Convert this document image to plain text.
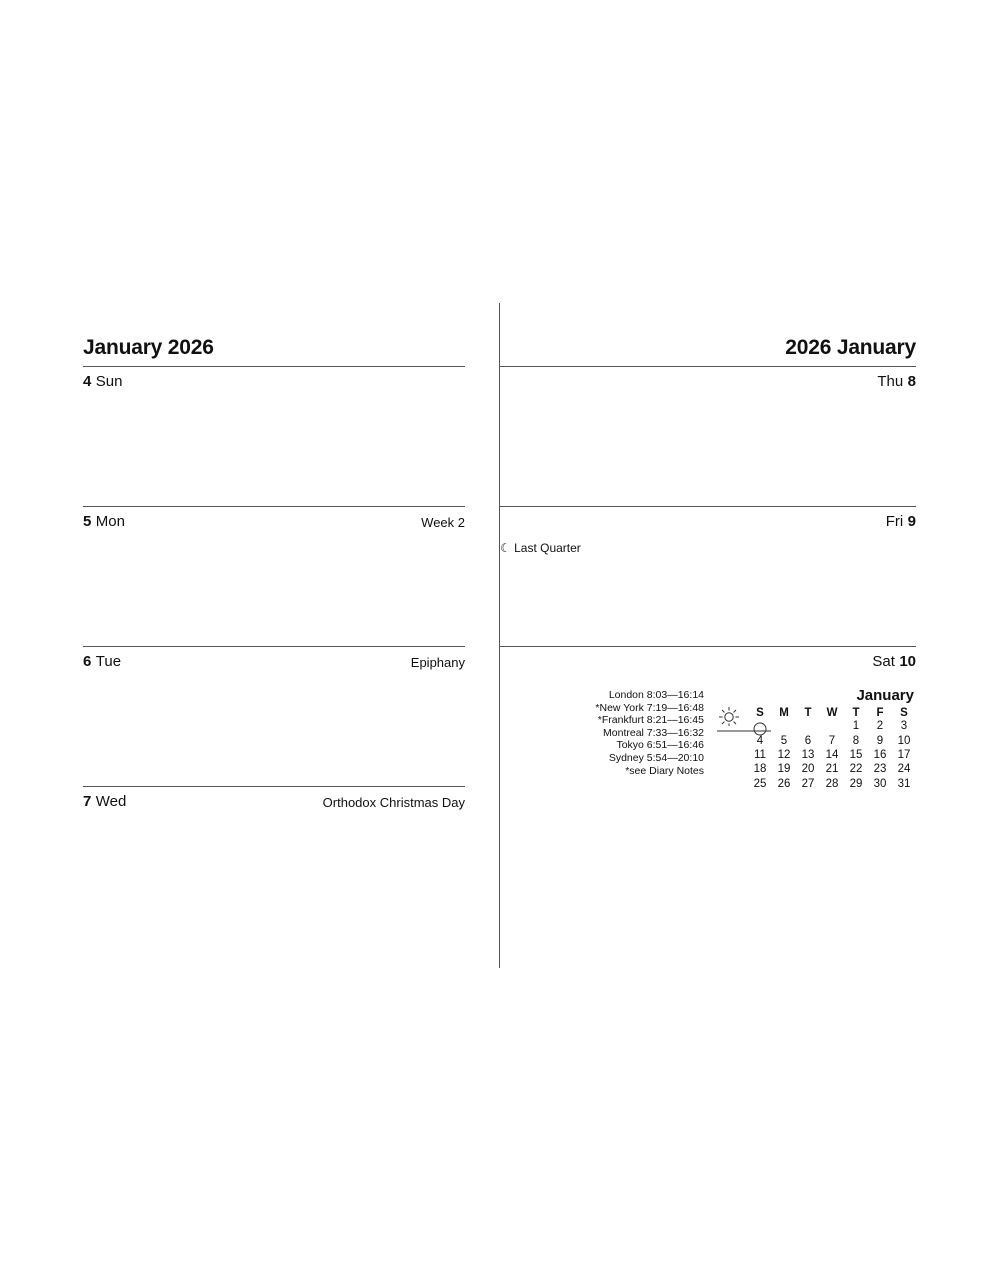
January 2026
4 Sun
5 Mon	Week 2
6 Tue	Epiphany
7 Wed	Orthodox Christmas Day
2026 January
Thu 8
Fri 9
☾ Last Quarter
Sat 10
London 8:03—16:14
*New York 7:19—16:48
*Frankfurt 8:21—16:45
Montreal 7:33—16:32
Tokyo 6:51—16:46
Sydney 5:54—20:10
*see Diary Notes
January
S	M	T	W	T	F	S
				1	2	3
4	5	6	7	8	9	10
11	12	13	14	15	16	17
18	19	20	21	22	23	24
25	26	27	28	29	30	31
